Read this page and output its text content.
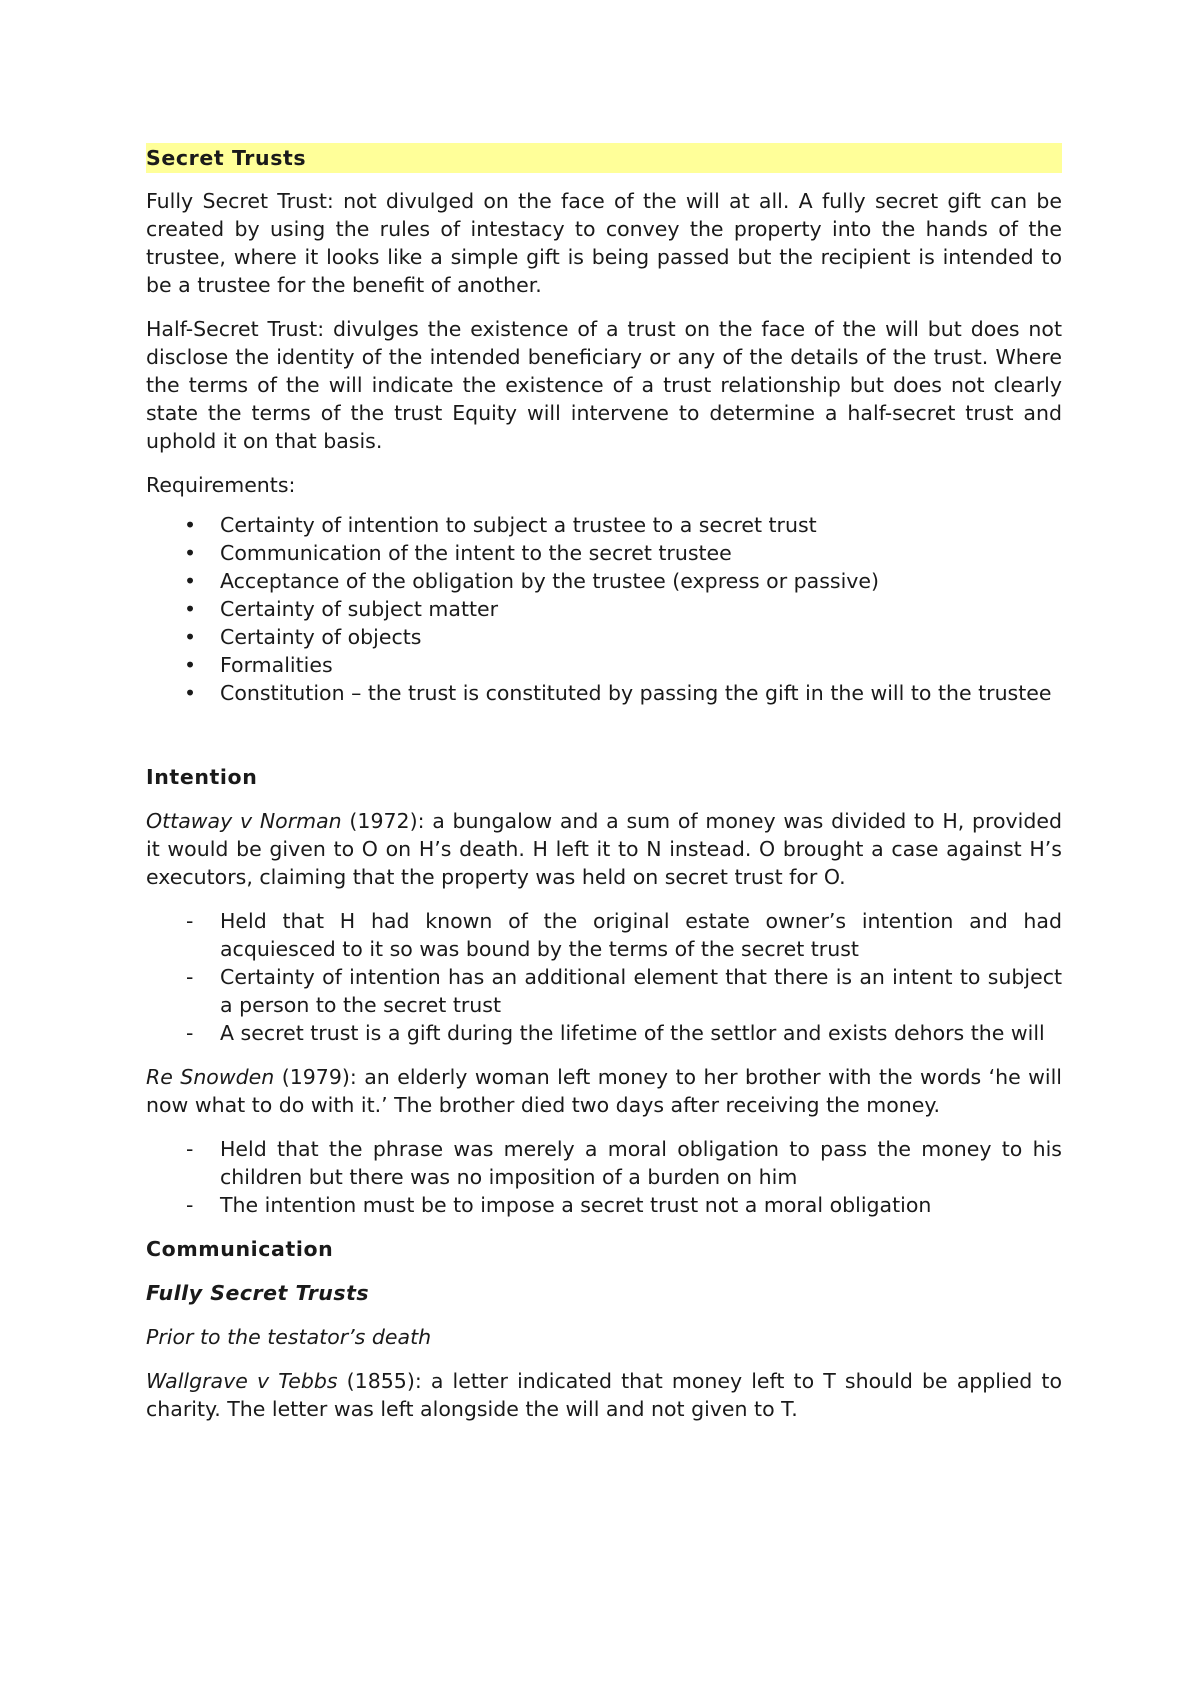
Secret Trusts

Fully Secret Trust: not divulged on the face of the will at all. A fully secret gift can be created by using the rules of intestacy to convey the property into the hands of the trustee, where it looks like a simple gift is being passed but the recipient is intended to be a trustee for the benefit of another.

Half-Secret Trust: divulges the existence of a trust on the face of the will but does not disclose the identity of the intended beneficiary or any of the details of the trust. Where the terms of the will indicate the existence of a trust relationship but does not clearly state the terms of the trust Equity will intervene to determine a half-secret trust and uphold it on that basis.

Requirements:

• Certainty of intention to subject a trustee to a secret trust
• Communication of the intent to the secret trustee
• Acceptance of the obligation by the trustee (express or passive)
• Certainty of subject matter
• Certainty of objects
• Formalities
• Constitution – the trust is constituted by passing the gift in the will to the trustee
Intention

Ottaway v Norman (1972): a bungalow and a sum of money was divided to H, provided it would be given to O on H’s death. H left it to N instead. O brought a case against H’s executors, claiming that the property was held on secret trust for O.

- Held that H had known of the original estate owner’s intention and had acquiesced to it so was bound by the terms of the secret trust
- Certainty of intention has an additional element that there is an intent to subject a person to the secret trust
- A secret trust is a gift during the lifetime of the settlor and exists dehors the will

Re Snowden (1979): an elderly woman left money to her brother with the words ‘he will now what to do with it.’ The brother died two days after receiving the money.

- Held that the phrase was merely a moral obligation to pass the money to his children but there was no imposition of a burden on him
- The intention must be to impose a secret trust not a moral obligation
Communication
Fully Secret Trusts
Prior to the testator’s death

Wallgrave v Tebbs (1855): a letter indicated that money left to T should be applied to charity. The letter was left alongside the will and not given to T.
